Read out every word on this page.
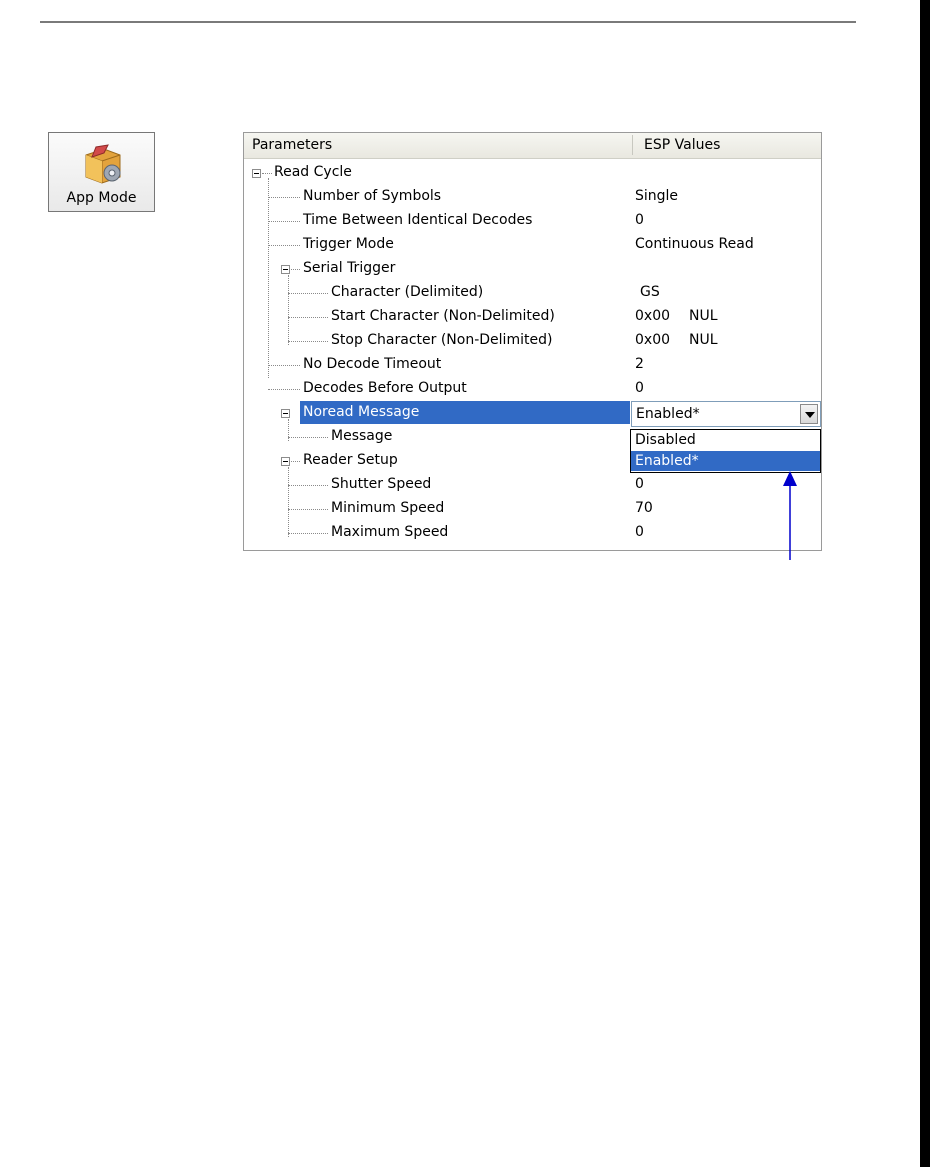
App Mode
Parameters	ESP Values
Read Cycle
Number of Symbols	Single
Time Between Identical Decodes	0
Trigger Mode	Continuous Read
Serial Trigger
Character (Delimited)	GS
Start Character (Non-Delimited)	0x00 NUL
Stop Character (Non-Delimited)	0x00 NUL
No Decode Timeout	2
Decodes Before Output	0
Noread Message	Enabled*
Message
Reader Setup
Shutter Speed	0
Minimum Speed	70
Maximum Speed	0
Disabled
Enabled*
